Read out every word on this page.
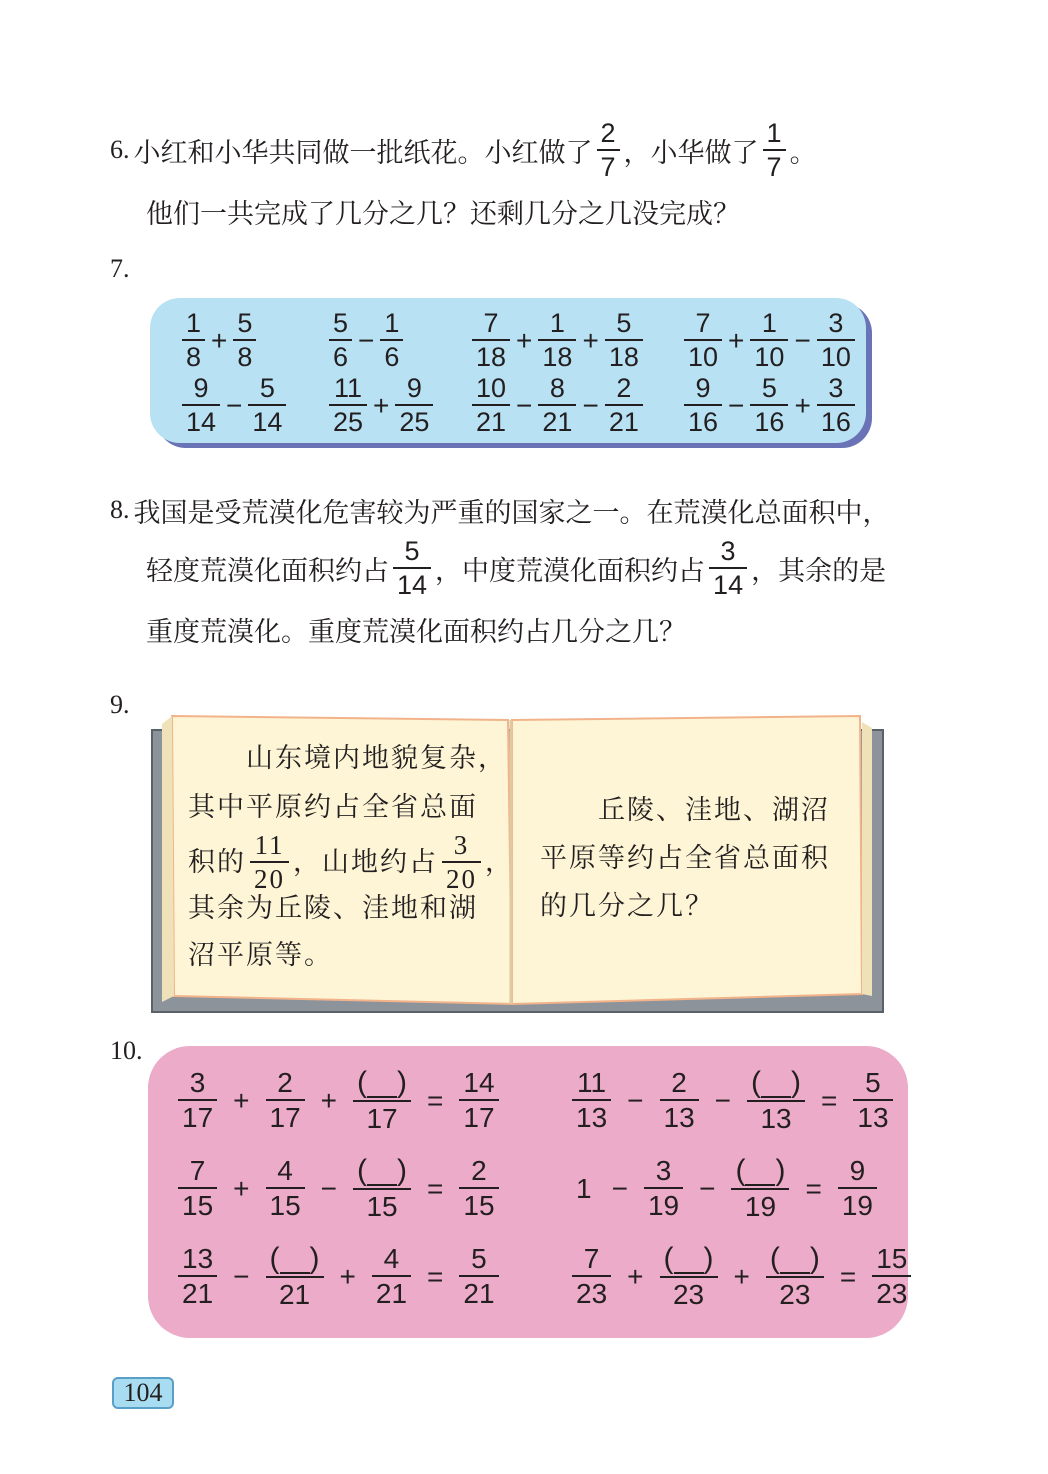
6. 小红和小华共同做一批纸花。小红做了 $\frac{2}{7}$ ，小华做了 $\frac{1}{7}$ 。
他们一共完成了几分之几？还剩几分之几没完成？
7.
$\frac{1}{8} + \frac{5}{8}$	$\frac{5}{6} - \frac{1}{6}$	$\frac{7}{18} + \frac{1}{18} + \frac{5}{18} \frac{7}{10} + \frac{1}{10} - \frac{3}{10}$
$\frac{9}{14} - \frac{5}{14} \frac{11}{25} + \frac{9}{25} \frac{10}{21} - \frac{8}{21} - \frac{2}{21} \frac{9}{16} - \frac{5}{16} + \frac{3}{16}$
8. 我国是受荒漠化危害较为严重的国家之一。在荒漠化总面积中，
轻度荒漠化面积约占 $\frac{5}{14}$ ，中度荒漠化面积约占 $\frac{3}{14}$ ，其余的是
重度荒漠化。重度荒漠化面积约占几分之几？
9.
山东境内地貌复杂，
其中平原约占全省总面
积的 $\frac{11}{20}$ ，山地约占 $\frac{3}{20}$ ，
其余为丘陵、洼地和湖
沼平原等。
丘陵、洼地、湖沼
平原等约占全省总面积
的几分之几？
10.
$\frac{3}{17} + \frac{2}{17} + \frac{( )}{17} = \frac{14}{17}$
$\frac{7}{15} + \frac{4}{15} - \frac{( )}{15} = \frac{2}{15}$
$\frac{13}{21} - \frac{( )}{21} + \frac{4}{21} = \frac{5}{21}$
$\frac{11}{13} - \frac{2}{13} - \frac{( )}{13} = \frac{5}{13}$
$1 - \frac{3}{19} - \frac{( )}{19} = \frac{9}{19}$
$\frac{7}{23} + \frac{( )}{23} + \frac{( )}{23} = \frac{15}{23}$
104
